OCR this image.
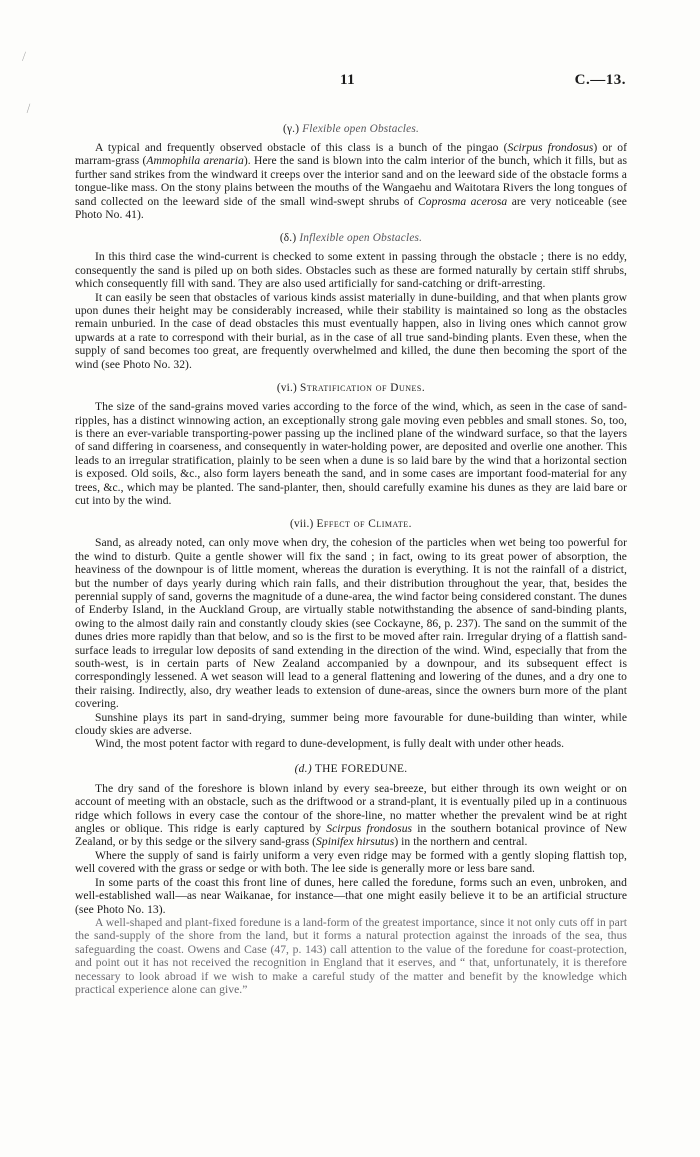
⁄
⁄
11	C.—13.
(γ.) Flexible open Obstacles.

A typical and frequently observed obstacle of this class is a bunch of the pingao (Scirpus frondosus) or of marram-grass (Ammophila arenaria). Here the sand is blown into the calm interior of the bunch, which it fills, but as further sand strikes from the windward it creeps over the interior sand and on the leeward side of the obstacle forms a tongue-like mass. On the stony plains between the mouths of the Wangaehu and Waitotara Rivers the long tongues of sand collected on the leeward side of the small wind-swept shrubs of Coprosma acerosa are very noticeable (see Photo No. 41).

(δ.) Inflexible open Obstacles.

In this third case the wind-current is checked to some extent in passing through the obstacle ; there is no eddy, consequently the sand is piled up on both sides. Obstacles such as these are formed naturally by certain stiff shrubs, which consequently fill with sand. They are also used artificially for sand-catching or drift-arresting.

It can easily be seen that obstacles of various kinds assist materially in dune-building, and that when plants grow upon dunes their height may be considerably increased, while their stability is maintained so long as the obstacles remain unburied. In the case of dead obstacles this must eventually happen, also in living ones which cannot grow upwards at a rate to correspond with their burial, as in the case of all true sand-binding plants. Even these, when the supply of sand becomes too great, are frequently overwhelmed and killed, the dune then becoming the sport of the wind (see Photo No. 32).

(vi.) Stratification of Dunes.

The size of the sand-grains moved varies according to the force of the wind, which, as seen in the case of sand-ripples, has a distinct winnowing action, an exceptionally strong gale moving even pebbles and small stones. So, too, is there an ever-variable transporting-power passing up the inclined plane of the windward surface, so that the layers of sand differing in coarseness, and consequently in water-holding power, are deposited and overlie one another. This leads to an irregular stratification, plainly to be seen when a dune is so laid bare by the wind that a horizontal section is exposed. Old soils, &c., also form layers beneath the sand, and in some cases are important food-material for any trees, &c., which may be planted. The sand-planter, then, should carefully examine his dunes as they are laid bare or cut into by the wind.

(vii.) Effect of Climate.

Sand, as already noted, can only move when dry, the cohesion of the particles when wet being too powerful for the wind to disturb. Quite a gentle shower will fix the sand ; in fact, owing to its great power of absorption, the heaviness of the downpour is of little moment, whereas the duration is everything. It is not the rainfall of a district, but the number of days yearly during which rain falls, and their distribution throughout the year, that, besides the perennial supply of sand, governs the magnitude of a dune-area, the wind factor being considered constant. The dunes of Enderby Island, in the Auckland Group, are virtually stable notwithstanding the absence of sand-binding plants, owing to the almost daily rain and constantly cloudy skies (see Cockayne, 86, p. 237). The sand on the summit of the dunes dries more rapidly than that below, and so is the first to be moved after rain. Irregular drying of a flattish sand-surface leads to irregular low deposits of sand extending in the direction of the wind. Wind, especially that from the south-west, is in certain parts of New Zealand accompanied by a downpour, and its subsequent effect is correspondingly lessened. A wet season will lead to a general flattening and lowering of the dunes, and a dry one to their raising. Indirectly, also, dry weather leads to extension of dune-areas, since the owners burn more of the plant covering.

Sunshine plays its part in sand-drying, summer being more favourable for dune-building than winter, while cloudy skies are adverse.

Wind, the most potent factor with regard to dune-development, is fully dealt with under other heads.

(d.) THE FOREDUNE.

The dry sand of the foreshore is blown inland by every sea-breeze, but either through its own weight or on account of meeting with an obstacle, such as the driftwood or a strand-plant, it is eventually piled up in a continuous ridge which follows in every case the contour of the shore-line, no matter whether the prevalent wind be at right angles or oblique. This ridge is early captured by Scirpus frondosus in the southern botanical province of New Zealand, or by this sedge or the silvery sand-grass (Spinifex hirsutus) in the northern and central.

Where the supply of sand is fairly uniform a very even ridge may be formed with a gently sloping flattish top, well covered with the grass or sedge or with both. The lee side is generally more or less bare sand.

In some parts of the coast this front line of dunes, here called the foredune, forms such an even, unbroken, and well-established wall—as near Waikanae, for instance—that one might easily believe it to be an artificial structure (see Photo No. 13).

A well-shaped and plant-fixed foredune is a land-form of the greatest importance, since it not only cuts off in part the sand-supply of the shore from the land, but it forms a natural protection against the inroads of the sea, thus safeguarding the coast. Owens and Case (47, p. 143) call attention to the value of the foredune for coast-protection, and point out it has not received the recognition in England that it eserves, and “ that, unfortunately, it is therefore necessary to look abroad if we wish to make a careful study of the matter and benefit by the knowledge which practical experience alone can give.”
